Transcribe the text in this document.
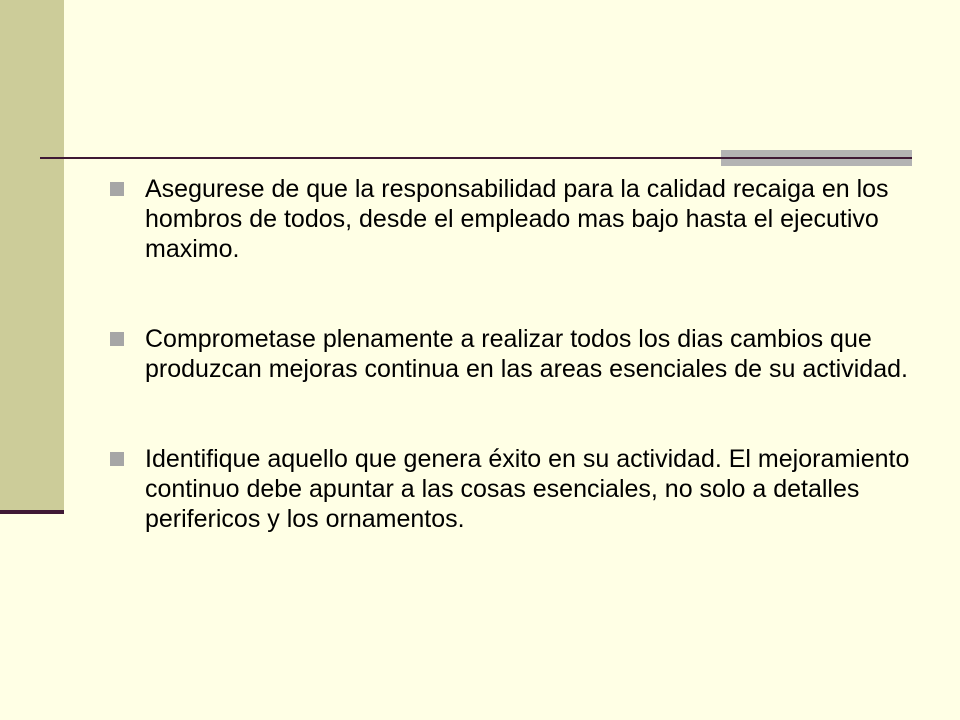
Asegurese de que la responsabilidad para la calidad recaiga en los hombros de todos, desde el empleado mas bajo hasta el ejecutivo maximo.
Comprometase plenamente a realizar todos los dias cambios que produzcan mejoras continua en las areas esenciales de su actividad.
Identifique aquello que genera éxito en su actividad. El mejoramiento continuo debe apuntar a las cosas esenciales, no solo a detalles perifericos y los ornamentos.
